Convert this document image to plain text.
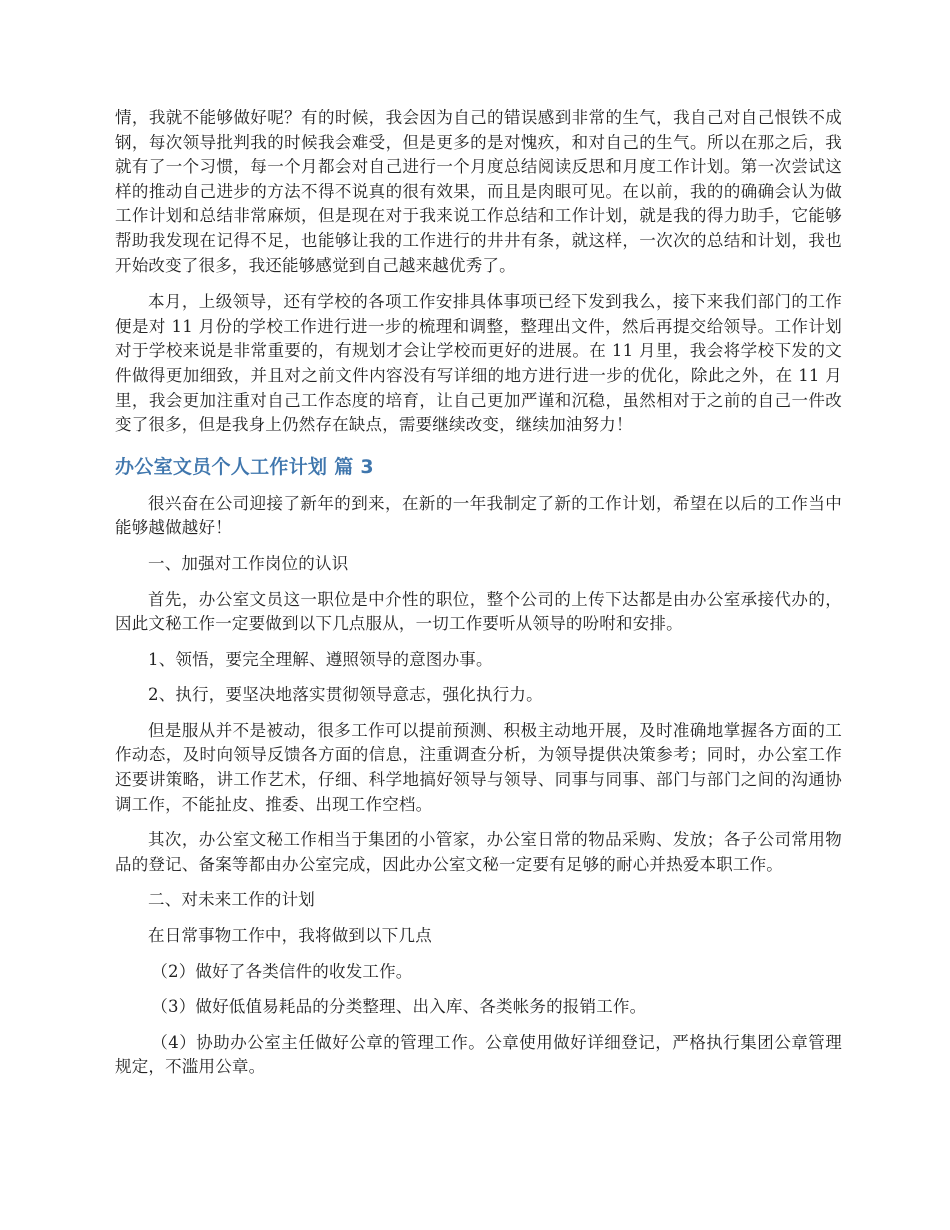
情，我就不能够做好呢？有的时候，我会因为自己的错误感到非常的生气，我自己对自己恨铁不成钢，每次领导批判我的时候我会难受，但是更多的是对愧疚，和对自己的生气。所以在那之后，我就有了一个习惯，每一个月都会对自己进行一个月度总结阅读反思和月度工作计划。第一次尝试这样的推动自己进步的方法不得不说真的很有效果，而且是肉眼可见。在以前，我的的确确会认为做工作计划和总结非常麻烦，但是现在对于我来说工作总结和工作计划，就是我的得力助手，它能够帮助我发现在记得不足，也能够让我的工作进行的井井有条，就这样，一次次的总结和计划，我也开始改变了很多，我还能够感觉到自己越来越优秀了。

本月，上级领导，还有学校的各项工作安排具体事项已经下发到我么，接下来我们部门的工作便是对 11 月份的学校工作进行进一步的梳理和调整，整理出文件，然后再提交给领导。工作计划对于学校来说是非常重要的，有规划才会让学校而更好的进展。在 11 月里，我会将学校下发的文件做得更加细致，并且对之前文件内容没有写详细的地方进行进一步的优化，除此之外，在 11 月里，我会更加注重对自己工作态度的培育，让自己更加严谨和沉稳，虽然相对于之前的自己一件改变了很多，但是我身上仍然存在缺点，需要继续改变，继续加油努力！

办公室文员个人工作计划 篇 3

很兴奋在公司迎接了新年的到来，在新的一年我制定了新的工作计划，希望在以后的工作当中能够越做越好！

一、加强对工作岗位的认识

首先，办公室文员这一职位是中介性的职位，整个公司的上传下达都是由办公室承接代办的，因此文秘工作一定要做到以下几点服从，一切工作要听从领导的吩咐和安排。

1、领悟，要完全理解、遵照领导的意图办事。

2、执行，要坚决地落实贯彻领导意志，强化执行力。

但是服从并不是被动，很多工作可以提前预测、积极主动地开展，及时准确地掌握各方面的工作动态，及时向领导反馈各方面的信息，注重调查分析，为领导提供决策参考；同时，办公室工作还要讲策略，讲工作艺术，仔细、科学地搞好领导与领导、同事与同事、部门与部门之间的沟通协调工作，不能扯皮、推委、出现工作空档。

其次，办公室文秘工作相当于集团的小管家，办公室日常的物品采购、发放；各子公司常用物品的登记、备案等都由办公室完成，因此办公室文秘一定要有足够的耐心并热爱本职工作。

二、对未来工作的计划

在日常事物工作中，我将做到以下几点

（2）做好了各类信件的收发工作。

（3）做好低值易耗品的分类整理、出入库、各类帐务的报销工作。

（4）协助办公室主任做好公章的管理工作。公章使用做好详细登记，严格执行集团公章管理规定，不滥用公章。
